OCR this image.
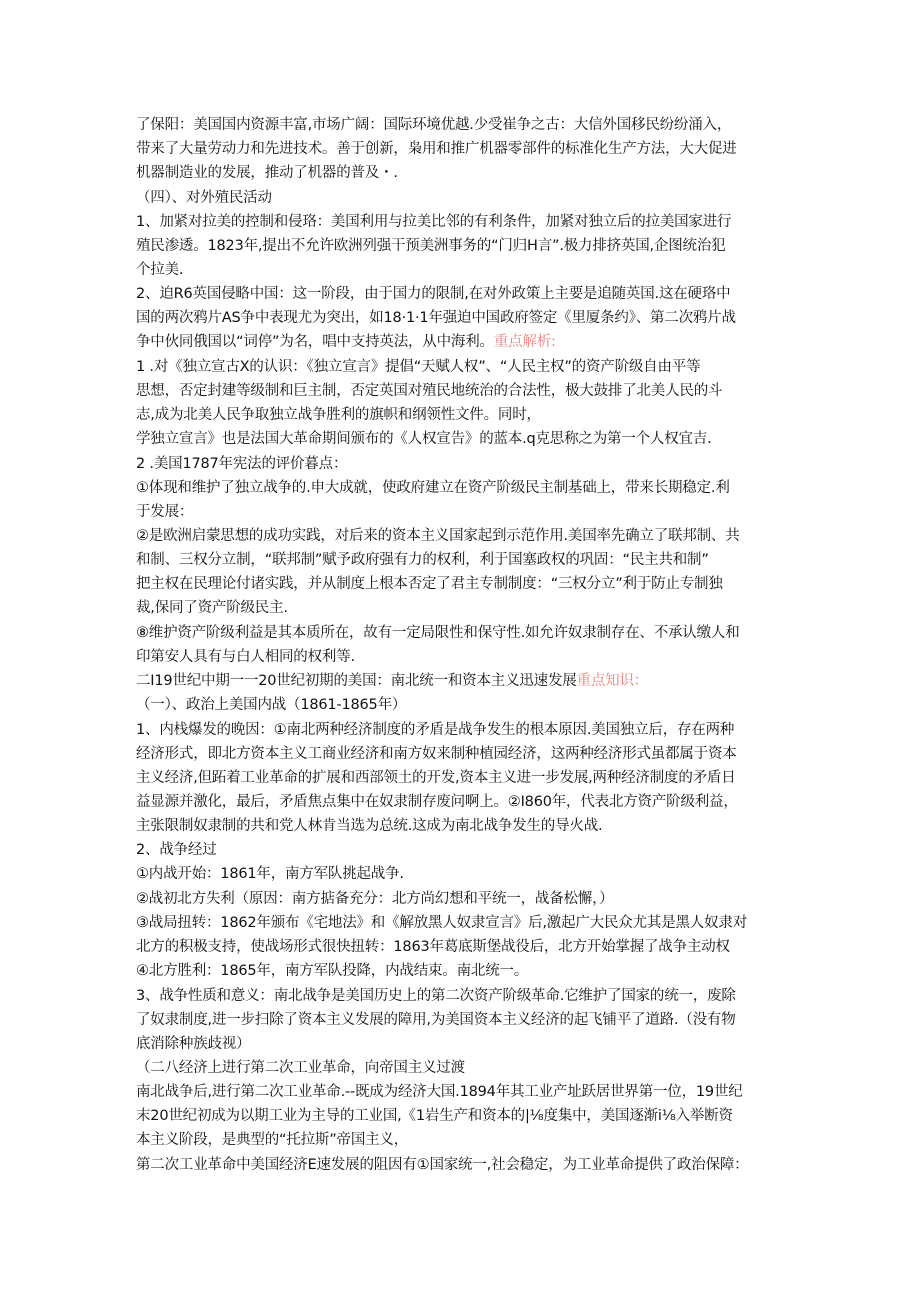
了保阳：美国国内资源丰富,市场广阔：国际环境优越.少受崔争之古：大信外国移民纷纷涌入，
带来了大量劳动力和先进技术。善于创新，枭用和推广机器零部件的标准化生产方法，大大促进
机器制造业的发展，推动了机器的普及・.
（四）、对外殖民活动
1、加紧对拉美的控制和侵珞：美国利用与拉美比邻的有利条件，加紧对独立后的拉美国家进行
殖民渗透。1823年,提出不允许欧洲列强干预美洲事务的“门归H言”.极力排挤英国,企图统治犯
个拉美.
2、迫R6英国侵略中国：这一阶段，由于国力的限制,在对外政策上主要是追随英国.这在硬珞中
国的两次鸦片AS争中表现尤为突出，如18·1·1年强迫中国政府签定《里厦条约》、第二次鸦片战
争中伙同俄国以“词停”为名，唱中支持英法，从中海利。重点解析:
1 .对《独立宣古X的认识：《独立宣言》提倡“天赋人权”、“人民主权”的资产阶级自由平等
思想，否定封建等级制和巨主制，否定英国对殖民地统治的合法性，极大鼓排了北美人民的斗
志,成为北美人民争取独立战争胜利的旗帜和纲领性文件。同时，
学独立宣言》也是法国大革命期间颁布的《人权宣告》的蓝本.q克思称之为第一个人权宜吉.
2 .美国1787年宪法的评价暮点：
①体现和维护了独立战争的.申大成就，使政府建立在资产阶级民主制基础上，带来长期稳定.利
于发展：
②是欧洲启蒙思想的成功实践，对后来的资本主义国家起到示范作用.美国率先确立了联邦制、共
和制、三权分立制，“联邦制”赋予政府强有力的权利，利于国塞政权的巩固：“民主共和制”
把主权在民理论付诸实践，并从制度上根本否定了君主专制制度：“三权分立”利于防止专制独
裁,保同了资产阶级民主.
⑧维护资产阶级利益是其本质所在，故有一定局限性和保守性.如允许奴隶制存在、不承认缴人和
印第安人具有与白人相同的权利等.
二I19世纪中期一一20世纪初期的美国：南北统一和资本主义迅速发展重点知识：
（一）、政治上美国内战（1861-1865年）
1、内栈爆发的晚因：①南北两种经济制度的矛盾是战争发生的根本原因.美国独立后，存在两种
经济形式，即北方资本主义工商业经济和南方奴来制种植园经济，这两种经济形式虽都属于资本
主义经济,但跖着工业革命的扩展和西部领土的开发,资本主义进一步发展,两种经济制度的矛盾日
益显源并激化，最后，矛盾焦点集中在奴隶制存废问啊上。②I860年，代表北方资产阶级利益，
主张限制奴隶制的共和党人林肯当选为总统.这成为南北战争发生的导火战.
2、战争经过
①内战开始：1861年，南方军队挑起战争.
②战初北方失利（原因：南方掂备充分：北方尚幻想和平统一，战备松懈，）
③战局扭转：1862年颁布《宅地法》和《解放黑人奴隶宣言》后,激起广大民众尤其是黑人奴隶对
北方的积极支持，使战场形式很快扭转：1863年葛底斯堡战役后，北方开始掌握了战争主动权
④北方胜利：1865年，南方军队投降，内战结束。南北统一。
3、战争性质和意义：南北战争是美国历史上的第二次资产阶级革命.它维护了国家的统一，废除
了奴隶制度,进一步扫除了资本主义发展的障用,为美国资本主义经济的起飞铺平了道路.（没有物
底消除种族歧视）
（二八经济上进行第二次工业革命，向帝国主义过渡
南北战争后,进行第二次工业革命.--既成为经济大国.1894年其工业产址跃居世界第一位，19世纪
末20世纪初成为以期工业为主导的工业国,《1岩生产和资本的|⅛度集中，美国逐渐i⅛入举断资
本主义阶段，是典型的“托拉斯”帝国主义，
第二次工业革命中美国经济E速发展的阻因有①国家统一,社会稳定，为工业革命提供了政治保障：
